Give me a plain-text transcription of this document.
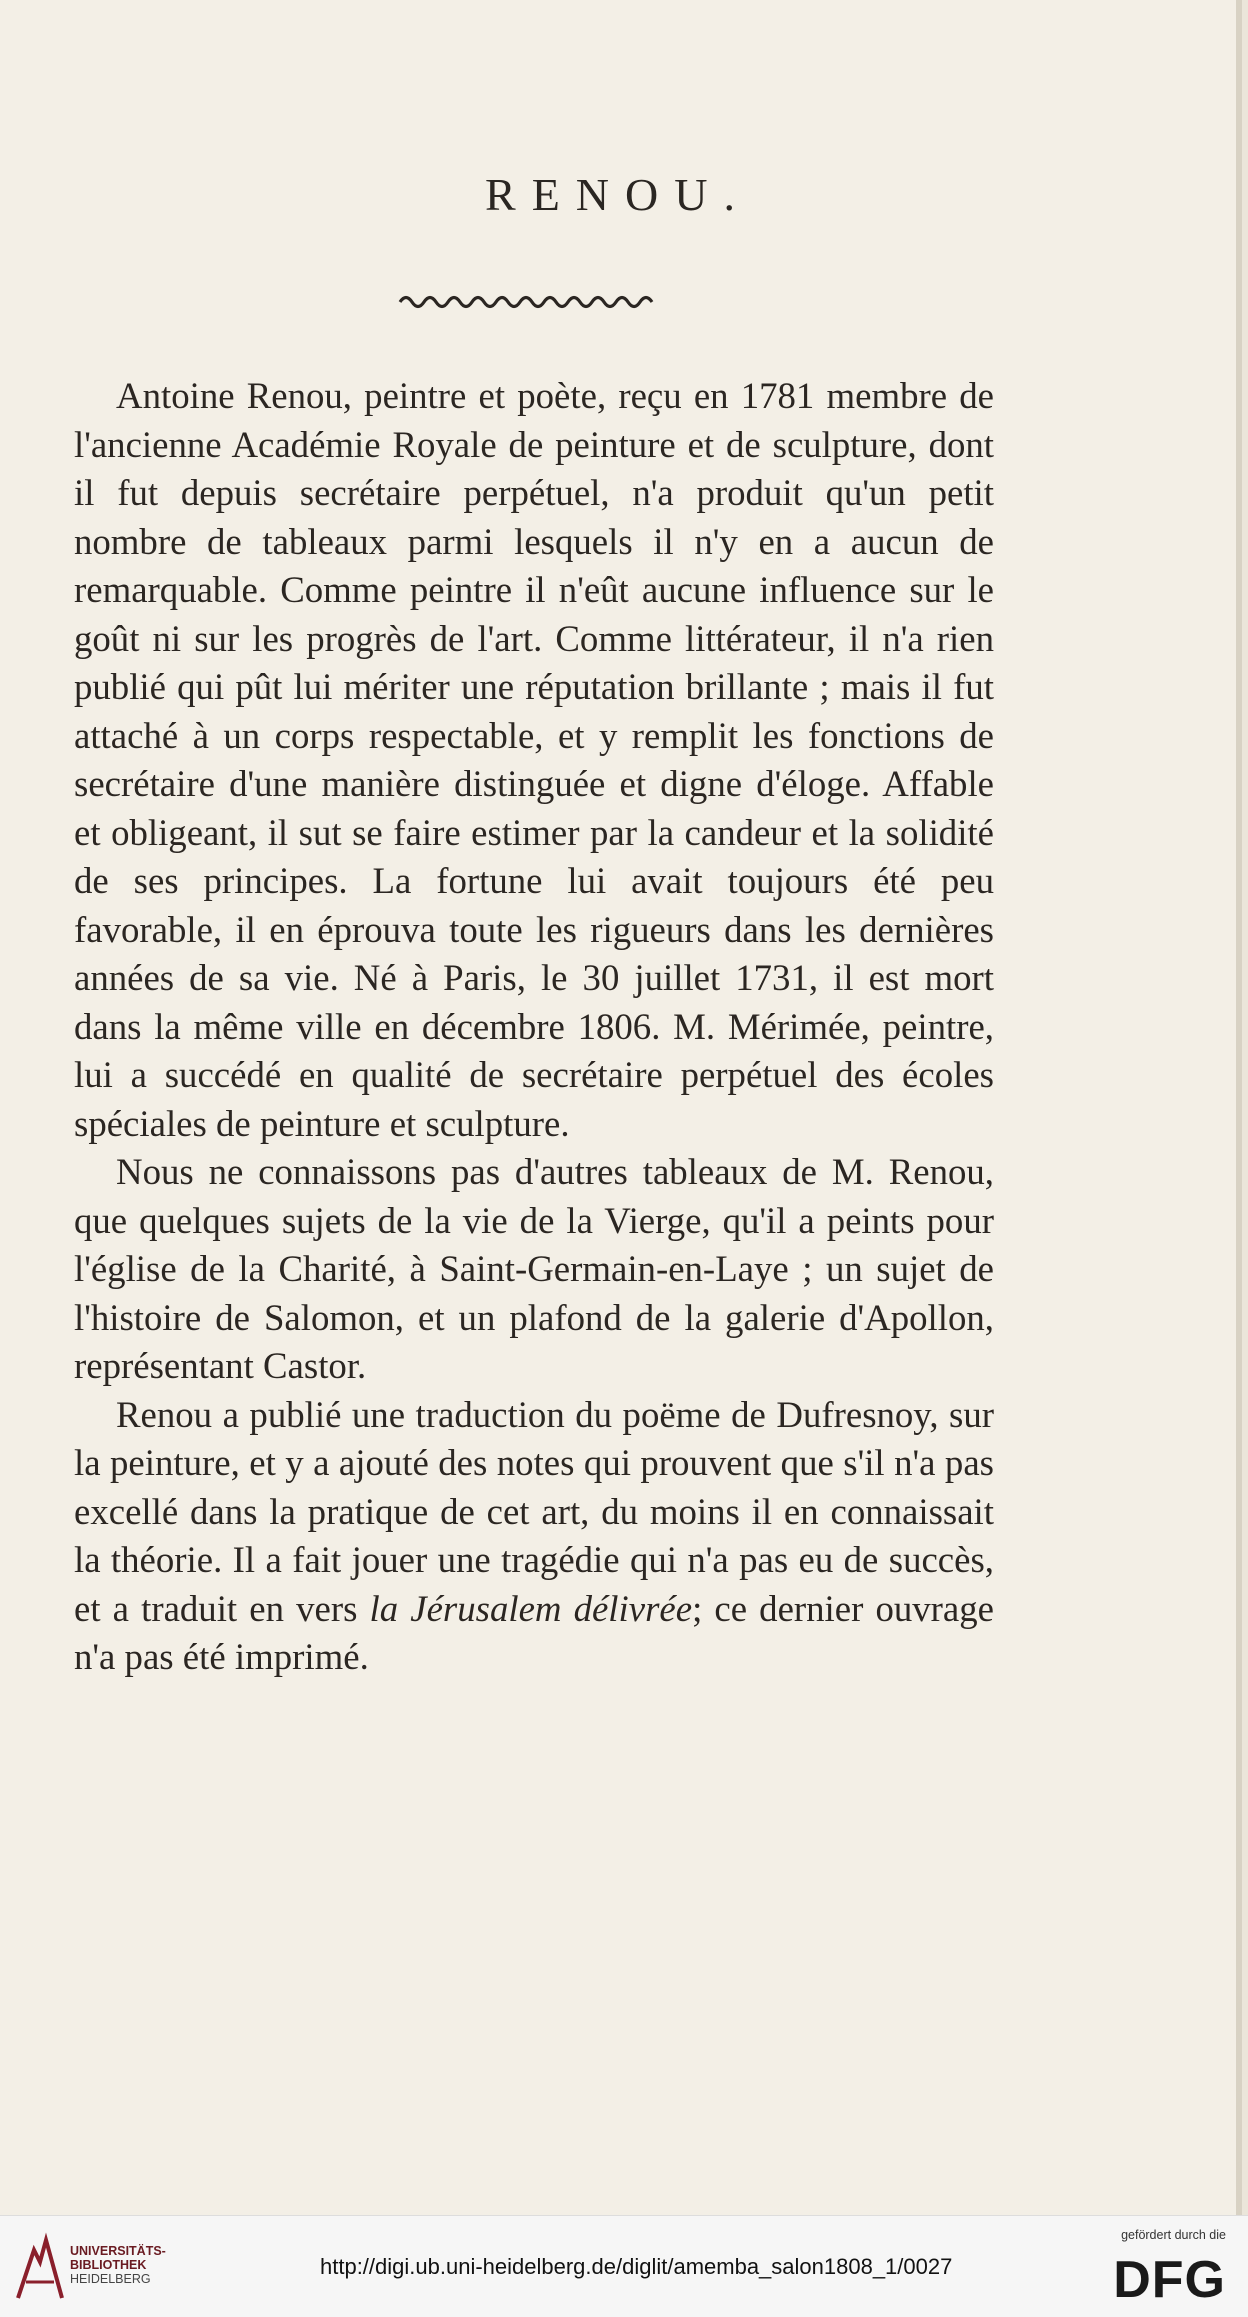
RENOU.

Antoine Renou, peintre et poète, reçu en 1781 membre de l'ancienne Académie Royale de peinture et de sculpture, dont il fut depuis secrétaire perpétuel, n'a produit qu'un petit nombre de tableaux parmi lesquels il n'y en a aucun de remarquable. Comme peintre il n'eût aucune influence sur le goût ni sur les progrès de l'art. Comme littérateur, il n'a rien publié qui pût lui mériter une réputation brillante ; mais il fut attaché à un corps respectable, et y remplit les fonctions de secrétaire d'une manière distinguée et digne d'éloge. Affable et obligeant, il sut se faire estimer par la candeur et la solidité de ses principes. La fortune lui avait toujours été peu favorable, il en éprouva toute les rigueurs dans les dernières années de sa vie. Né à Paris, le 30 juillet 1731, il est mort dans la même ville en décembre 1806. M. Mérimée, peintre, lui a succédé en qualité de secrétaire perpétuel des écoles spéciales de peinture et sculpture.

Nous ne connaissons pas d'autres tableaux de M. Renou, que quelques sujets de la vie de la Vierge, qu'il a peints pour l'église de la Charité, à Saint-Germain-en-Laye ; un sujet de l'histoire de Salomon, et un plafond de la galerie d'Apollon, représentant Castor.

Renou a publié une traduction du poëme de Dufresnoy, sur la peinture, et y a ajouté des notes qui prouvent que s'il n'a pas excellé dans la pratique de cet art, du moins il en connaissait la théorie. Il a fait jouer une tragédie qui n'a pas eu de succès, et a traduit en vers la Jérusalem délivrée; ce dernier ouvrage n'a pas été imprimé.

UNIVERSITÄTS-
BIBLIOTHEK
HEIDELBERG	http://digi.ub.uni-heidelberg.de/diglit/amemba_salon1808_1/0027
gefördert durch die
DFG
